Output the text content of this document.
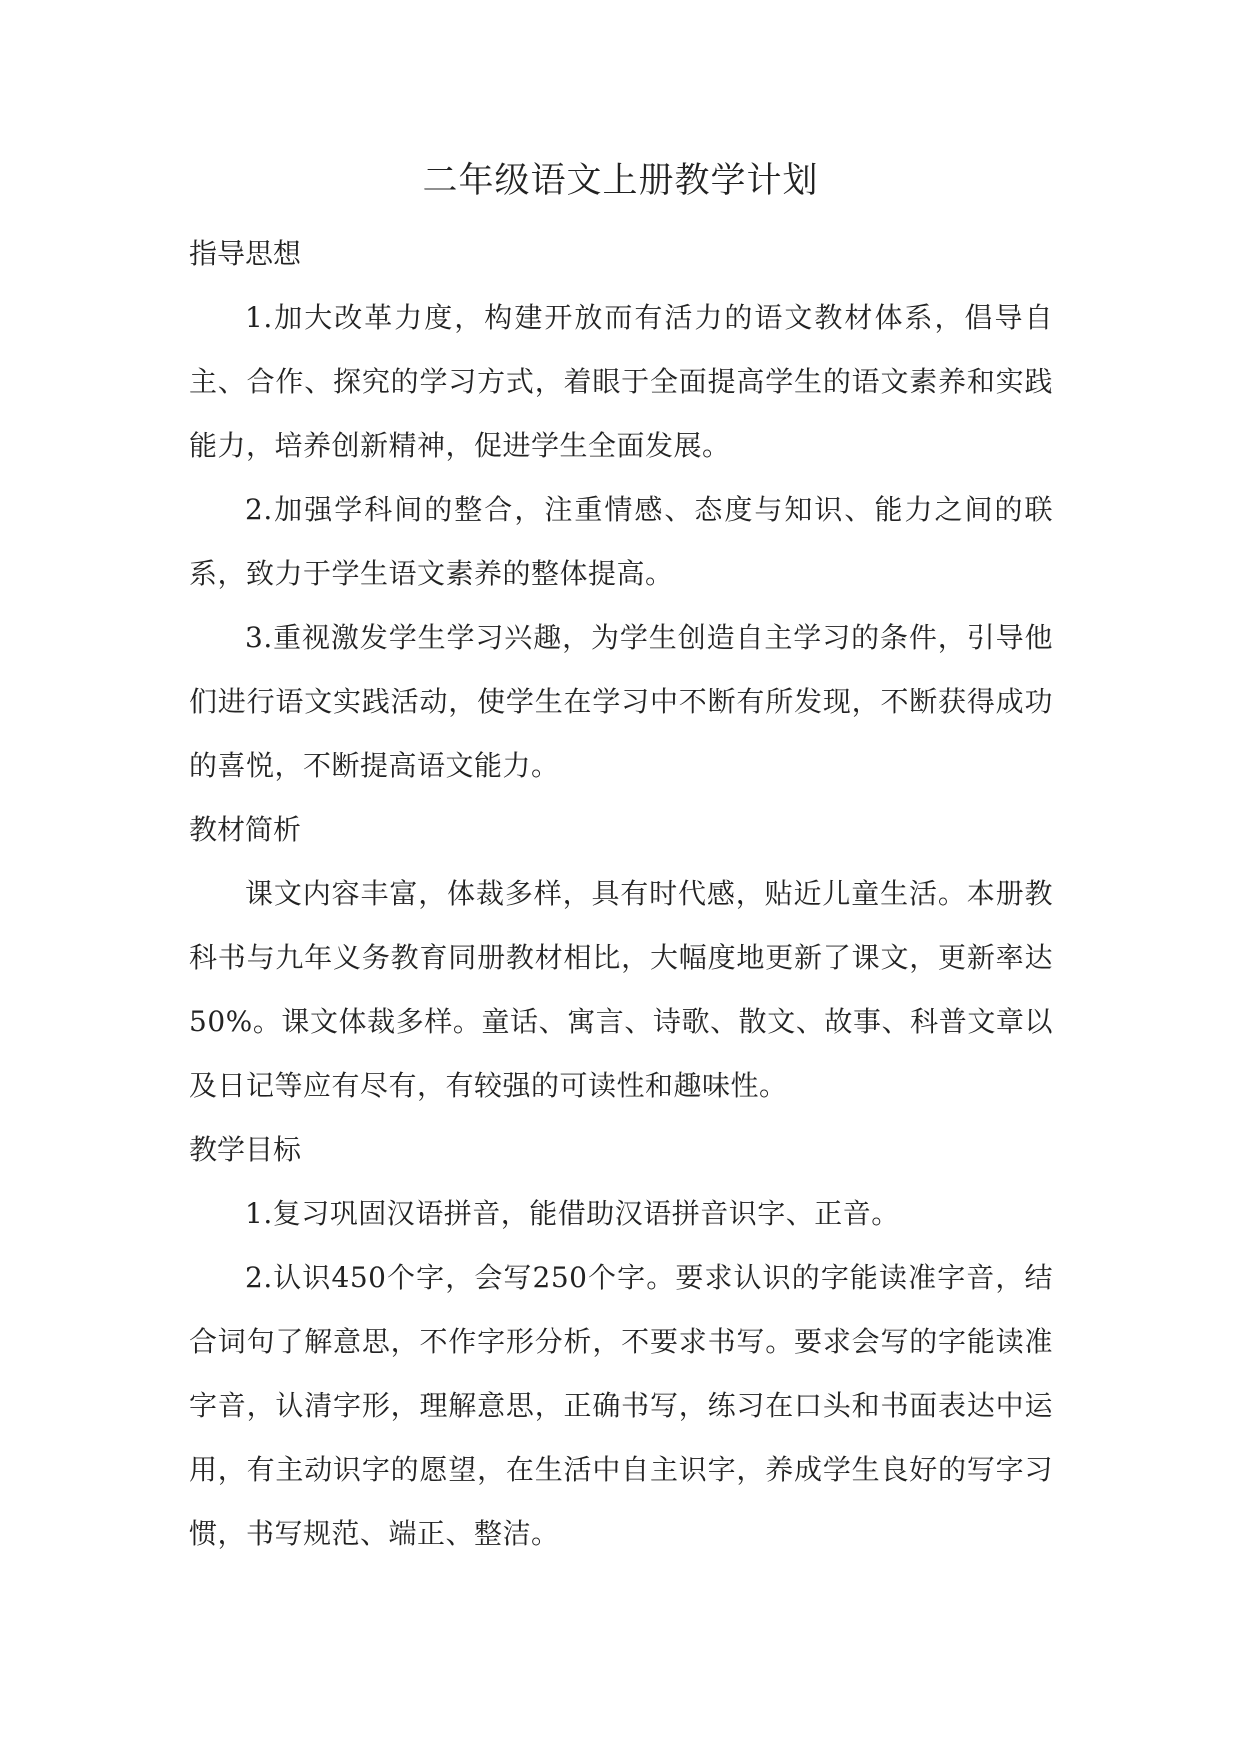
二年级语文上册教学计划
指导思想

1.加大改革力度，构建开放而有活力的语文教材体系，倡导自主、合作、探究的学习方式，着眼于全面提高学生的语文素养和实践能力，培养创新精神，促进学生全面发展。

2.加强学科间的整合，注重情感、态度与知识、能力之间的联系，致力于学生语文素养的整体提高。

3.重视激发学生学习兴趣，为学生创造自主学习的条件，引导他们进行语文实践活动，使学生在学习中不断有所发现，不断获得成功的喜悦，不断提高语文能力。

教材简析

课文内容丰富，体裁多样，具有时代感，贴近儿童生活。本册教科书与九年义务教育同册教材相比，大幅度地更新了课文，更新率达50%。课文体裁多样。童话、寓言、诗歌、散文、故事、科普文章以及日记等应有尽有，有较强的可读性和趣味性。

教学目标

1.复习巩固汉语拼音，能借助汉语拼音识字、正音。

2.认识450个字，会写250个字。要求认识的字能读准字音，结合词句了解意思，不作字形分析，不要求书写。要求会写的字能读准字音，认清字形，理解意思，正确书写，练习在口头和书面表达中运用，有主动识字的愿望，在生活中自主识字，养成学生良好的写字习惯，书写规范、端正、整洁。
